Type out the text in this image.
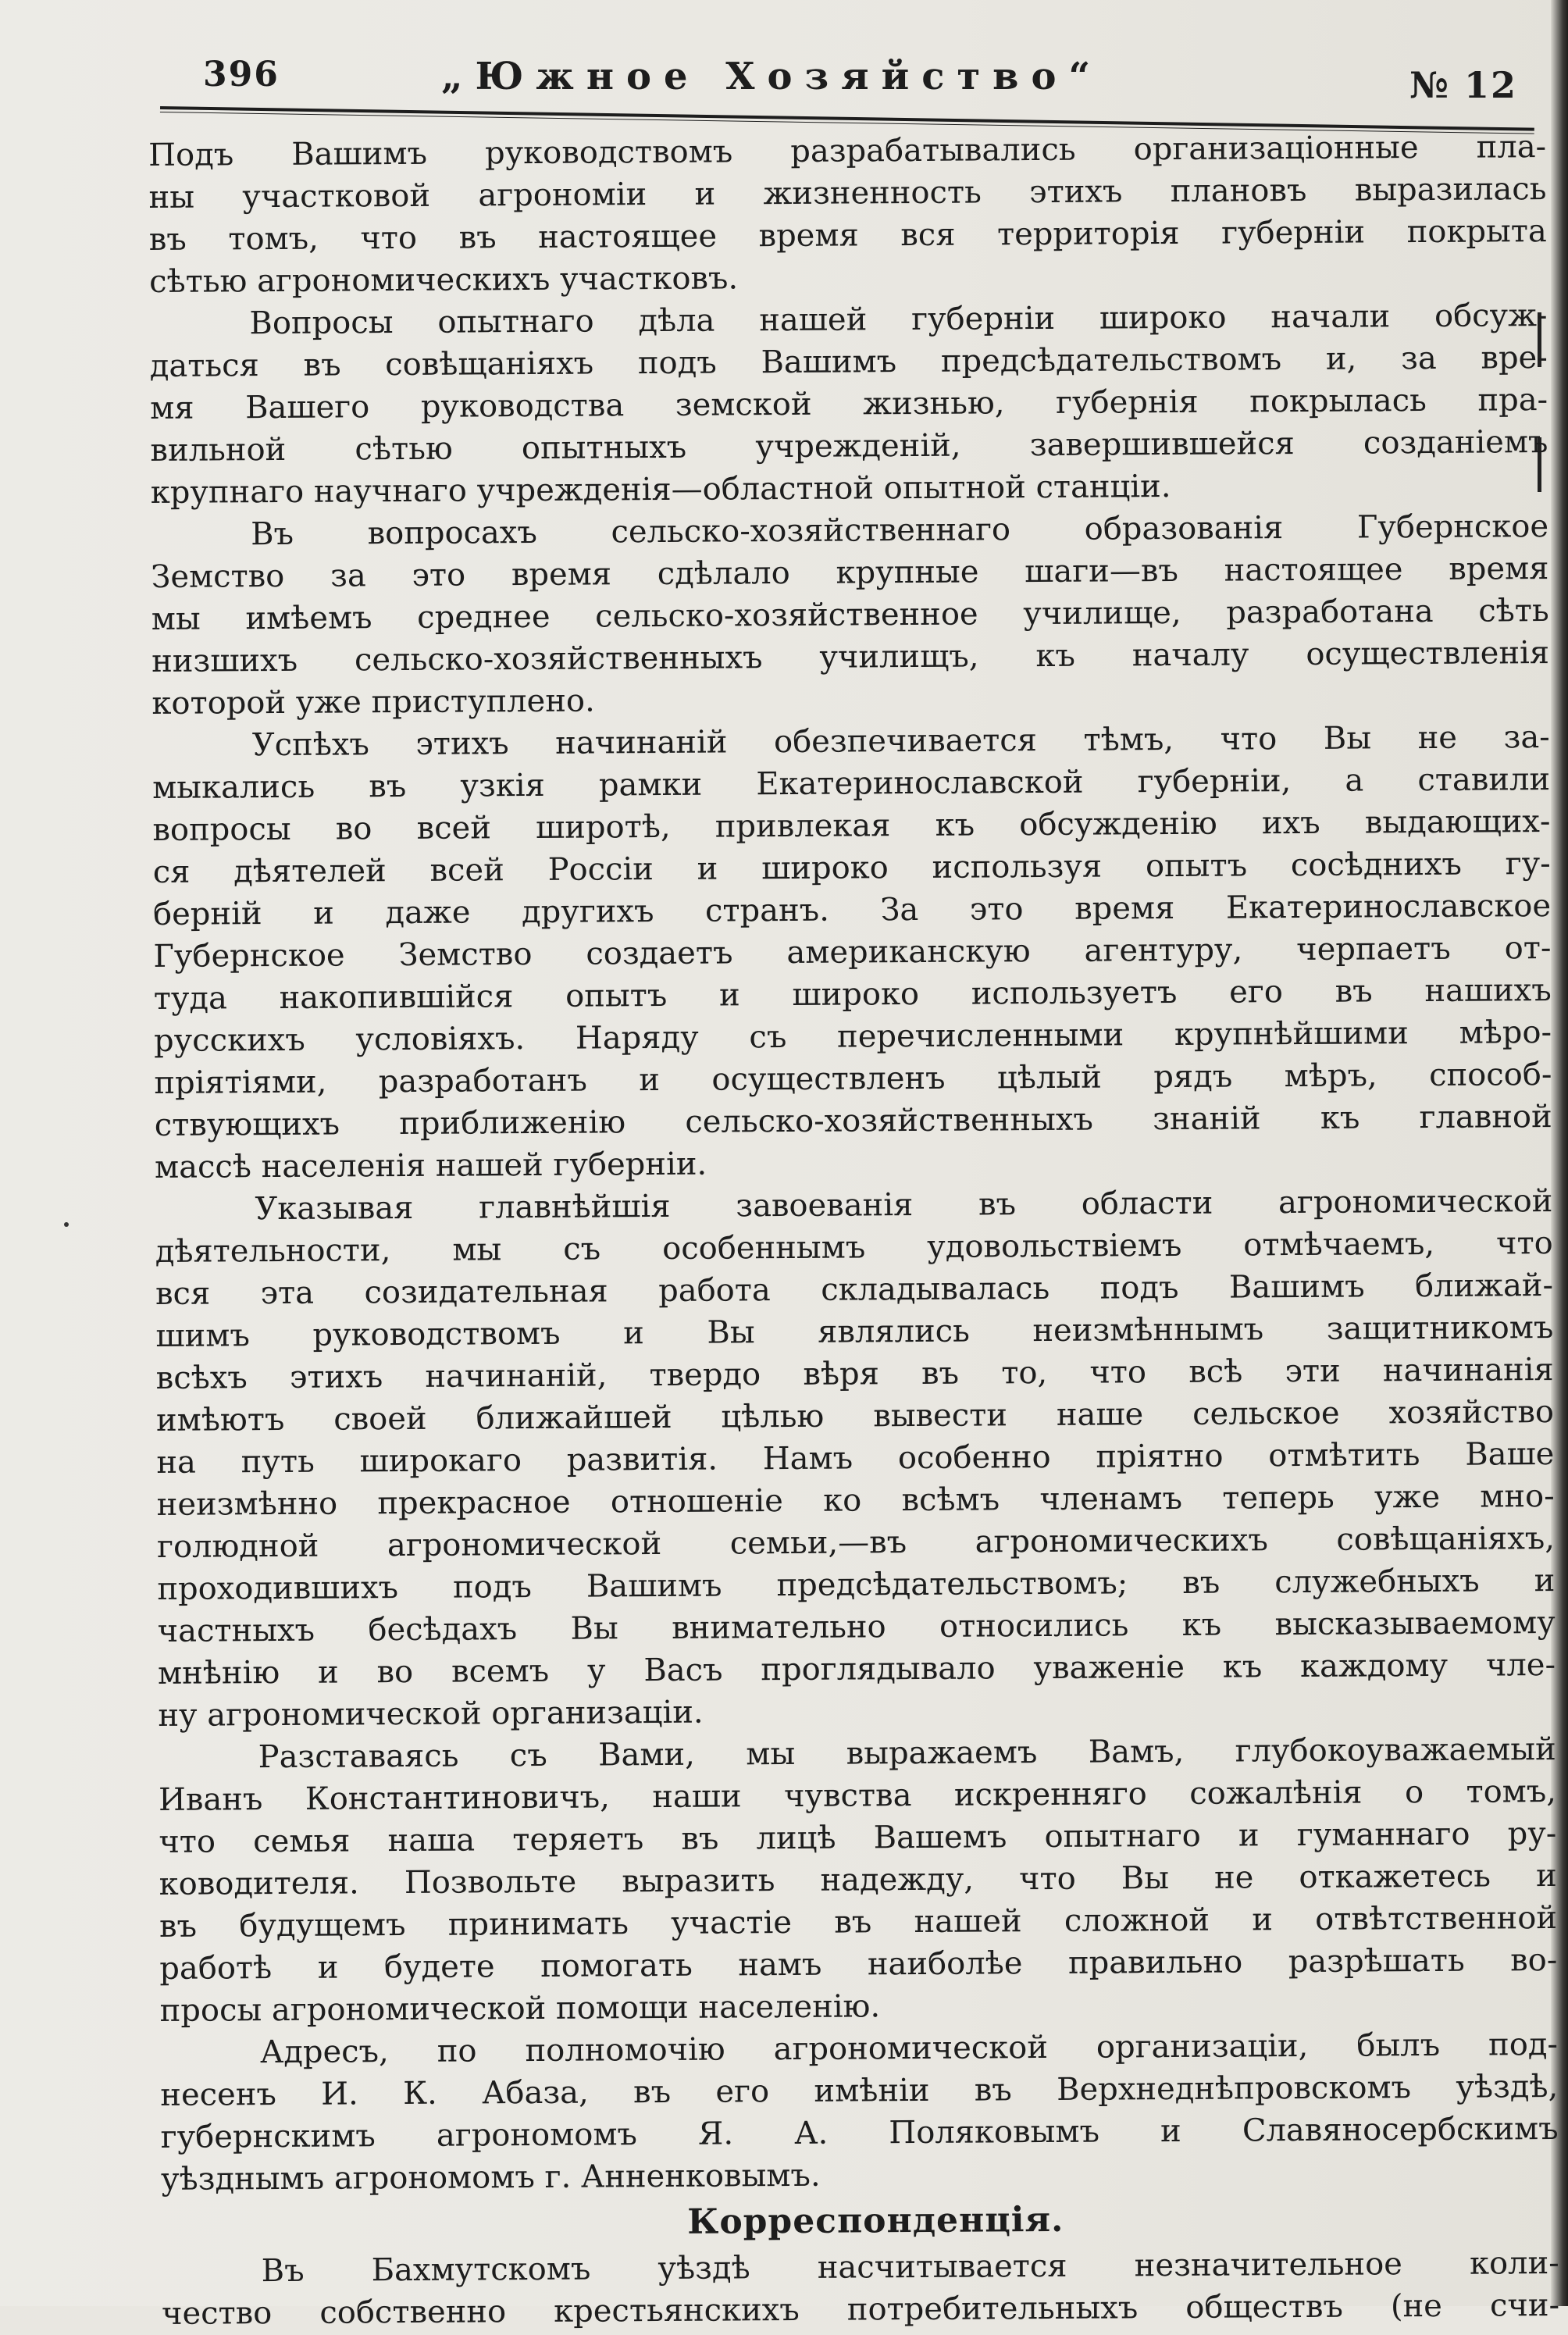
396	„Южное Хозяйство“	№ 12
Подъ Вашимъ руководствомъ разрабатывались организаціонные пла-
ны участковой агрономіи и жизненность этихъ плановъ выразилась
въ томъ, что въ настоящее время вся территорія губерніи покрыта
сѣтью агрономическихъ участковъ.
Вопросы опытнаго дѣла нашей губерніи широко начали обсуж-
даться въ совѣщаніяхъ подъ Вашимъ предсѣдательствомъ и, за вре-
мя Вашего руководства земской жизнью, губернія покрылась пра-
вильной сѣтью опытныхъ учрежденій, завершившейся созданіемъ
крупнаго научнаго учрежденія—областной опытной станціи.
Въ вопросахъ сельско-хозяйственнаго образованія Губернское
Земство за это время сдѣлало крупные шаги—въ настоящее время
мы имѣемъ среднее сельско-хозяйственное училище, разработана сѣть
низшихъ сельско-хозяйственныхъ училищъ, къ началу осуществленія
которой уже приступлено.
Успѣхъ этихъ начинаній обезпечивается тѣмъ, что Вы не за-
мыкались въ узкія рамки Екатеринославской губерніи, а ставили
вопросы во всей широтѣ, привлекая къ обсужденію ихъ выдающих-
ся дѣятелей всей Россіи и широко используя опытъ сосѣднихъ гу-
берній и даже другихъ странъ. За это время Екатеринославское
Губернское Земство создаетъ американскую агентуру, черпаетъ от-
туда накопившійся опытъ и широко используетъ его въ нашихъ
русскихъ условіяхъ. Наряду съ перечисленными крупнѣйшими мѣро-
пріятіями, разработанъ и осуществленъ цѣлый рядъ мѣръ, способ-
ствующихъ приближенію сельско-хозяйственныхъ знаній къ главной
массѣ населенія нашей губерніи.
Указывая главнѣйшія завоеванія въ области агрономической
дѣятельности, мы съ особеннымъ удовольствіемъ отмѣчаемъ, что
вся эта созидательная работа складывалась подъ Вашимъ ближай-
шимъ руководствомъ и Вы являлись неизмѣннымъ защитникомъ
всѣхъ этихъ начинаній, твердо вѣря въ то, что всѣ эти начинанія
имѣютъ своей ближайшей цѣлью вывести наше сельское хозяйство
на путь широкаго развитія. Намъ особенно пріятно отмѣтить Ваше
неизмѣнно прекрасное отношеніе ко всѣмъ членамъ теперь уже мно-
голюдной агрономической семьи,—въ агрономическихъ совѣщаніяхъ,
проходившихъ подъ Вашимъ предсѣдательствомъ; въ служебныхъ и
частныхъ бесѣдахъ Вы внимательно относились къ высказываемому
мнѣнію и во всемъ у Васъ проглядывало уваженіе къ каждому чле-
ну агрономической организаціи.
Разставаясь съ Вами, мы выражаемъ Вамъ, глубокоуважаемый
Иванъ Константиновичъ, наши чувства искренняго сожалѣнія о томъ,
что семья наша теряетъ въ лицѣ Вашемъ опытнаго и гуманнаго ру-
ководителя. Позвольте выразить надежду, что Вы не откажетесь и
въ будущемъ принимать участіе въ нашей сложной и отвѣтственной
работѣ и будете помогать намъ наиболѣе правильно разрѣшать во-
просы агрономической помощи населенію.
Адресъ, по полномочію агрономической организаціи, былъ под-
несенъ И. К. Абаза, въ его имѣніи въ Верхнеднѣпровскомъ уѣздѣ,
губернскимъ агрономомъ Я. А. Поляковымъ и Славяносербскимъ
уѣзднымъ агрономомъ г. Анненковымъ.
Корреспонденція.
Въ Бахмутскомъ уѣздѣ насчитывается незначительное коли-
чество собственно крестьянскихъ потребительныхъ обществъ (не счи-
